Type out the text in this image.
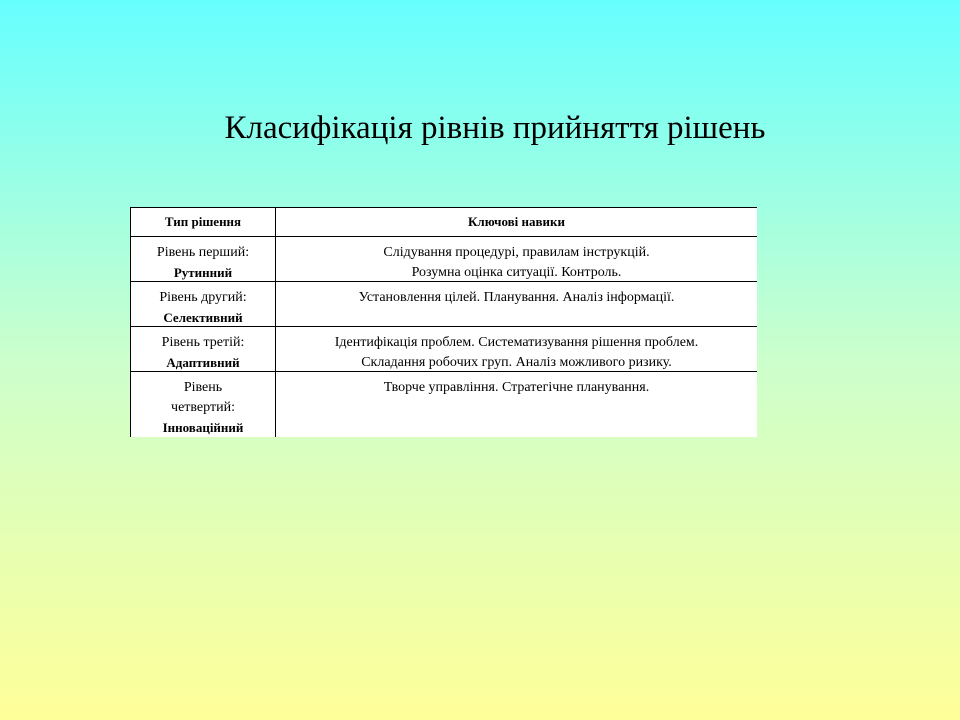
Класифікація рівнів прийняття рішень
Тип рішення	Ключові навики
Рівень перший:
Рутинний
Слідування процедурі, правилам інструкцій.
Розумна оцінка ситуації. Контроль.
Рівень другий:
Селективний
Установлення цілей. Планування. Аналіз інформації.
Рівень третій:
Адаптивний
Ідентифікація проблем. Систематизування рішення проблем.
Складання робочих груп. Аналіз можливого ризику.
Рівень
четвертий:
Інноваційний
Творче управління. Стратегічне планування.
